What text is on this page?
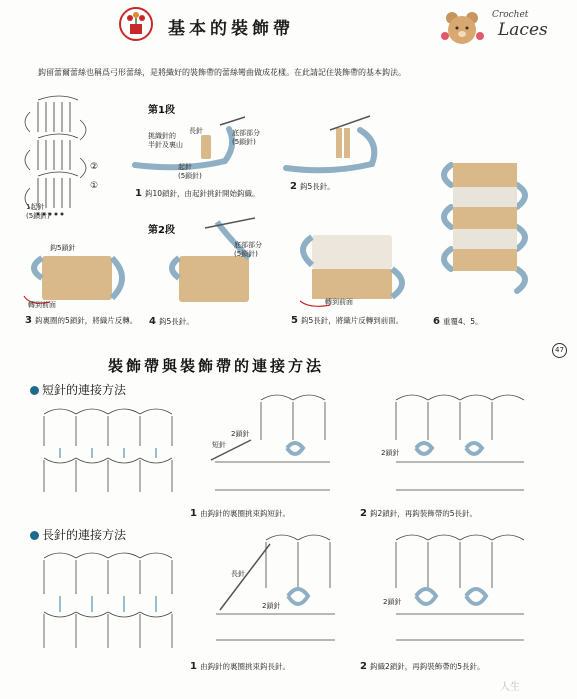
基本的裝飾帶
Crochet
Laces
鈎留蕾爾蕾絲也稱爲弓形蕾絲，是將織好的裝飾帶的蕾絲彎曲做成花樣。在此請記住裝飾帶的基本鈎法。
②
①
1起針
(5鎖針)
第1段
第2段
挑織針的
半針及裏山
長針	底部部分
(5鎖針)
起針
(5鎖針)
1 鈎10鎖針，由起針挑針開始鈎織。
2 鈎5長針。
鈎5鎖針
轉到前面
3 鈎裏圈的5鎖針，將織片反轉。
底部部分
(5鎖針)
4 鈎5長針。
轉到前面
5 鈎5長針，將織片反轉到前面。	6 重覆4、5。
47
裝飾帶與裝飾帶的連接方法
短針的連接方法
長針的連接方法
2鎖針
短針
1 由鈎針的裏圈挑束鈎短針。
2鎖針
2 鈎2鎖針，再鈎裝飾帶的5長針。
長針
2鎖針
1 由鈎針的裏圈挑束鈎長針。
2鎖針
2 鈎織2鎖針，再鈎裝飾帶的5長針。
人生
